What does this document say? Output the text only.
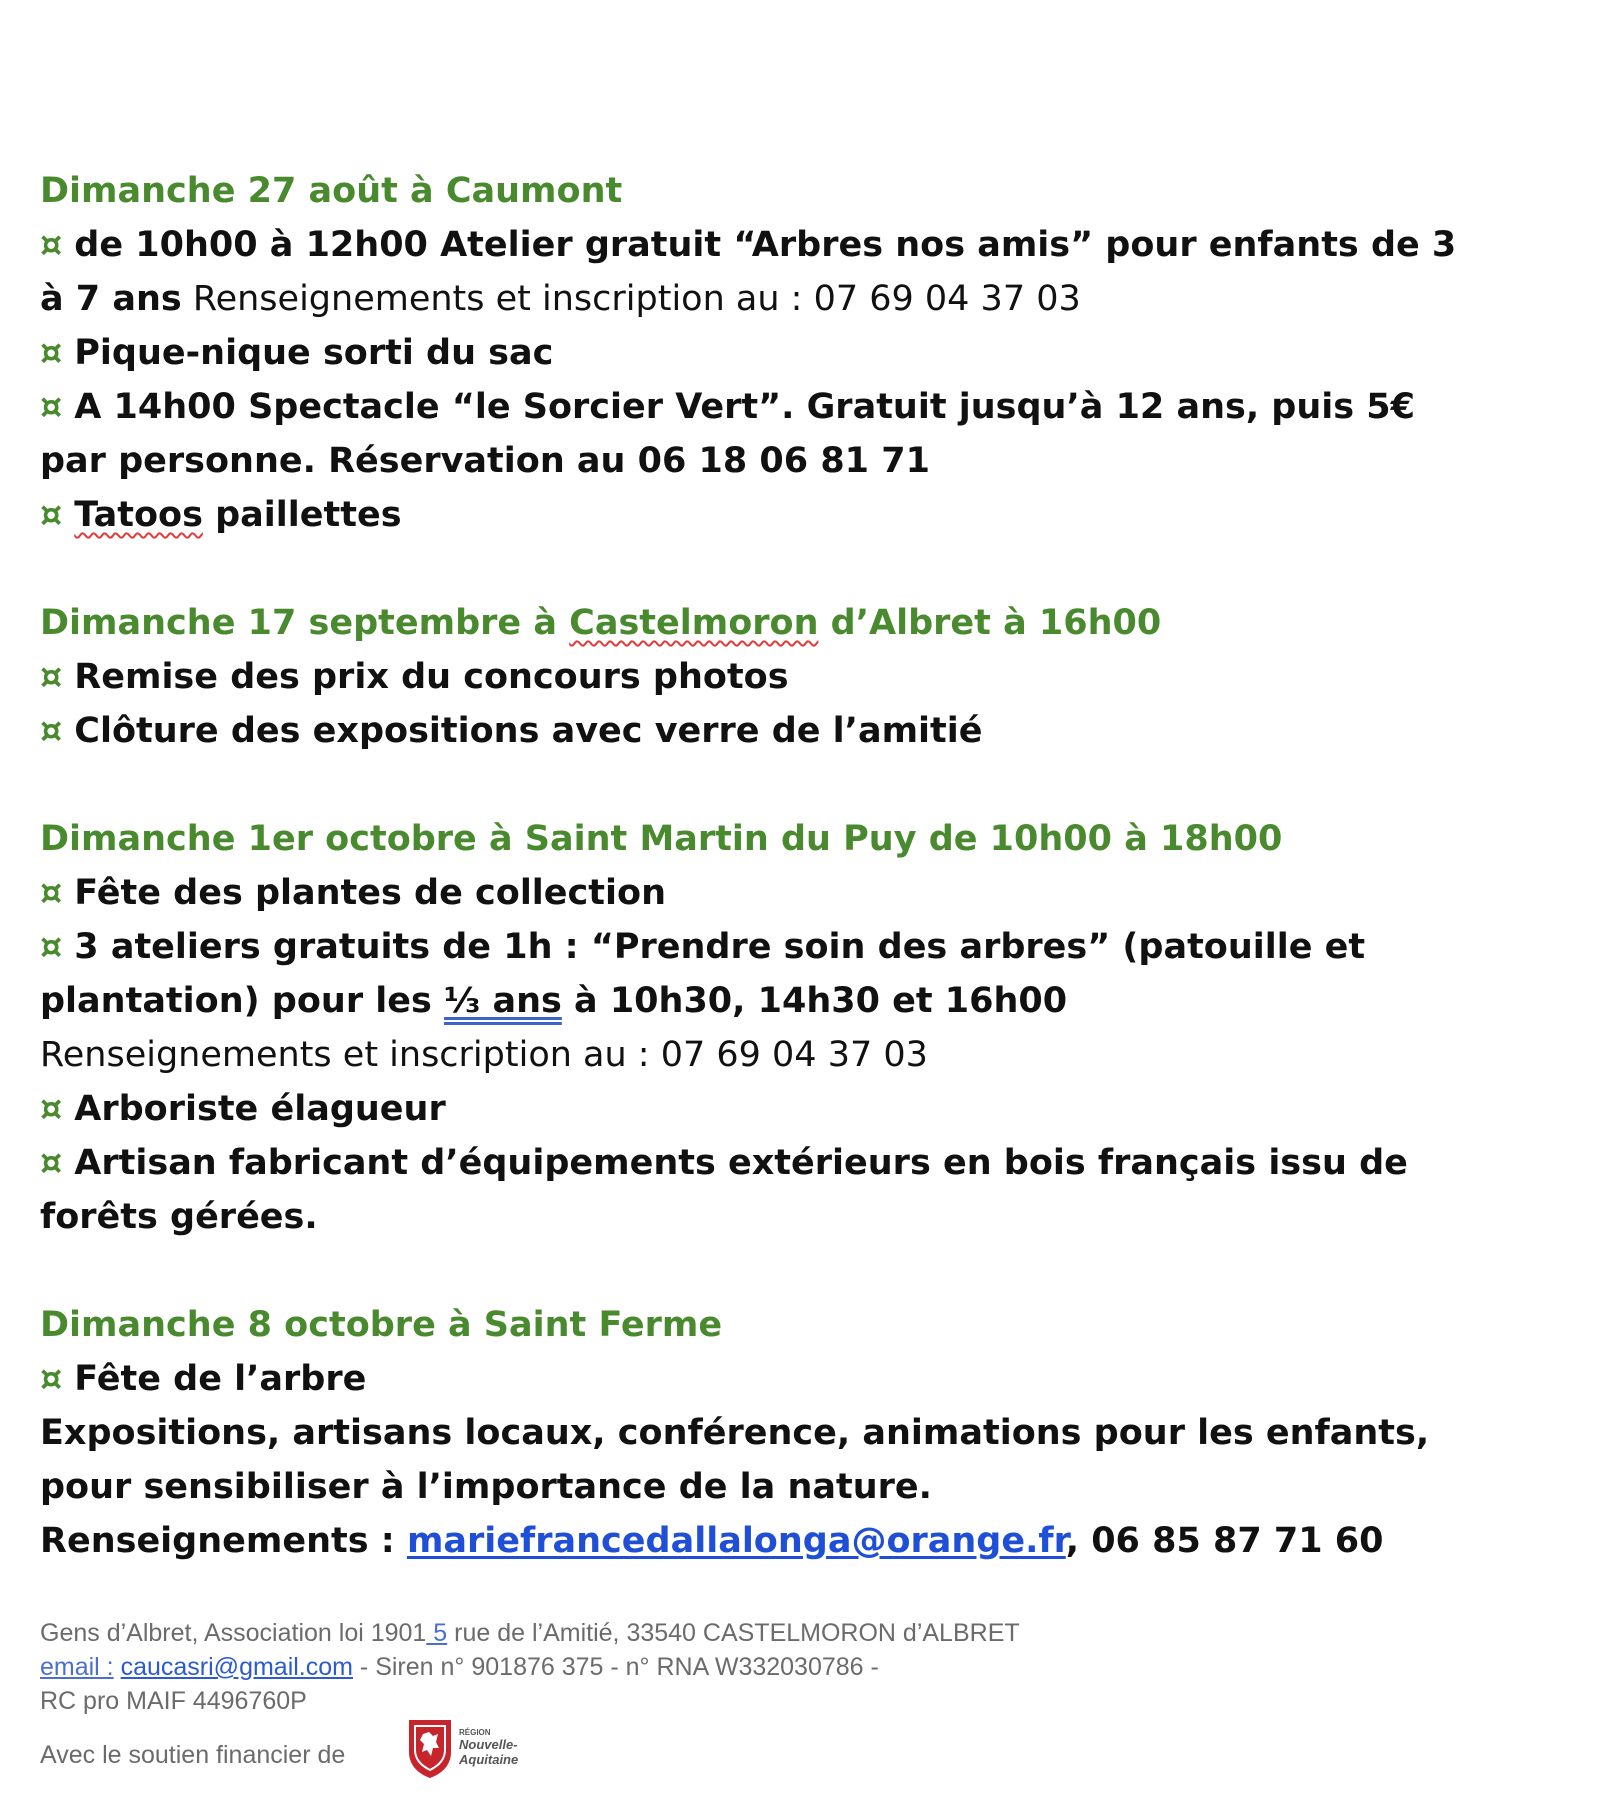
Dimanche 27 août à Caumont
¤ de 10h00 à 12h00 Atelier gratuit “Arbres nos amis” pour enfants de 3
à 7 ans Renseignements et inscription au : 07 69 04 37 03
¤ Pique-nique sorti du sac
¤ A 14h00 Spectacle “le Sorcier Vert”. Gratuit jusqu’à 12 ans, puis 5€
par personne. Réservation au 06 18 06 81 71
¤ Tatoos paillettes
Dimanche 17 septembre à Castelmoron d’Albret à 16h00
¤ Remise des prix du concours photos
¤ Clôture des expositions avec verre de l’amitié
Dimanche 1er octobre à Saint Martin du Puy de 10h00 à 18h00
¤ Fête des plantes de collection
¤ 3 ateliers gratuits de 1h : “Prendre soin des arbres” (patouille et
plantation) pour les ⅓ ans à 10h30, 14h30 et 16h00
Renseignements et inscription au : 07 69 04 37 03
¤ Arboriste élagueur
¤ Artisan fabricant d’équipements extérieurs en bois français issu de
forêts gérées.
Dimanche 8 octobre à Saint Ferme
¤ Fête de l’arbre
Expositions, artisans locaux, conférence, animations pour les enfants,
pour sensibiliser à l’importance de la nature.
Renseignements : mariefrancedallalonga@orange.fr, 06 85 87 71 60
Gens d’Albret, Association loi 1901 5 rue de l’Amitié, 33540 CASTELMORON d’ALBRET
email : caucasri@gmail.com - Siren n° 901876 375 - n° RNA W332030786 -
RC pro MAIF 4496760P
Avec le soutien financier de
RÉGION
Nouvelle-
Aquitaine
